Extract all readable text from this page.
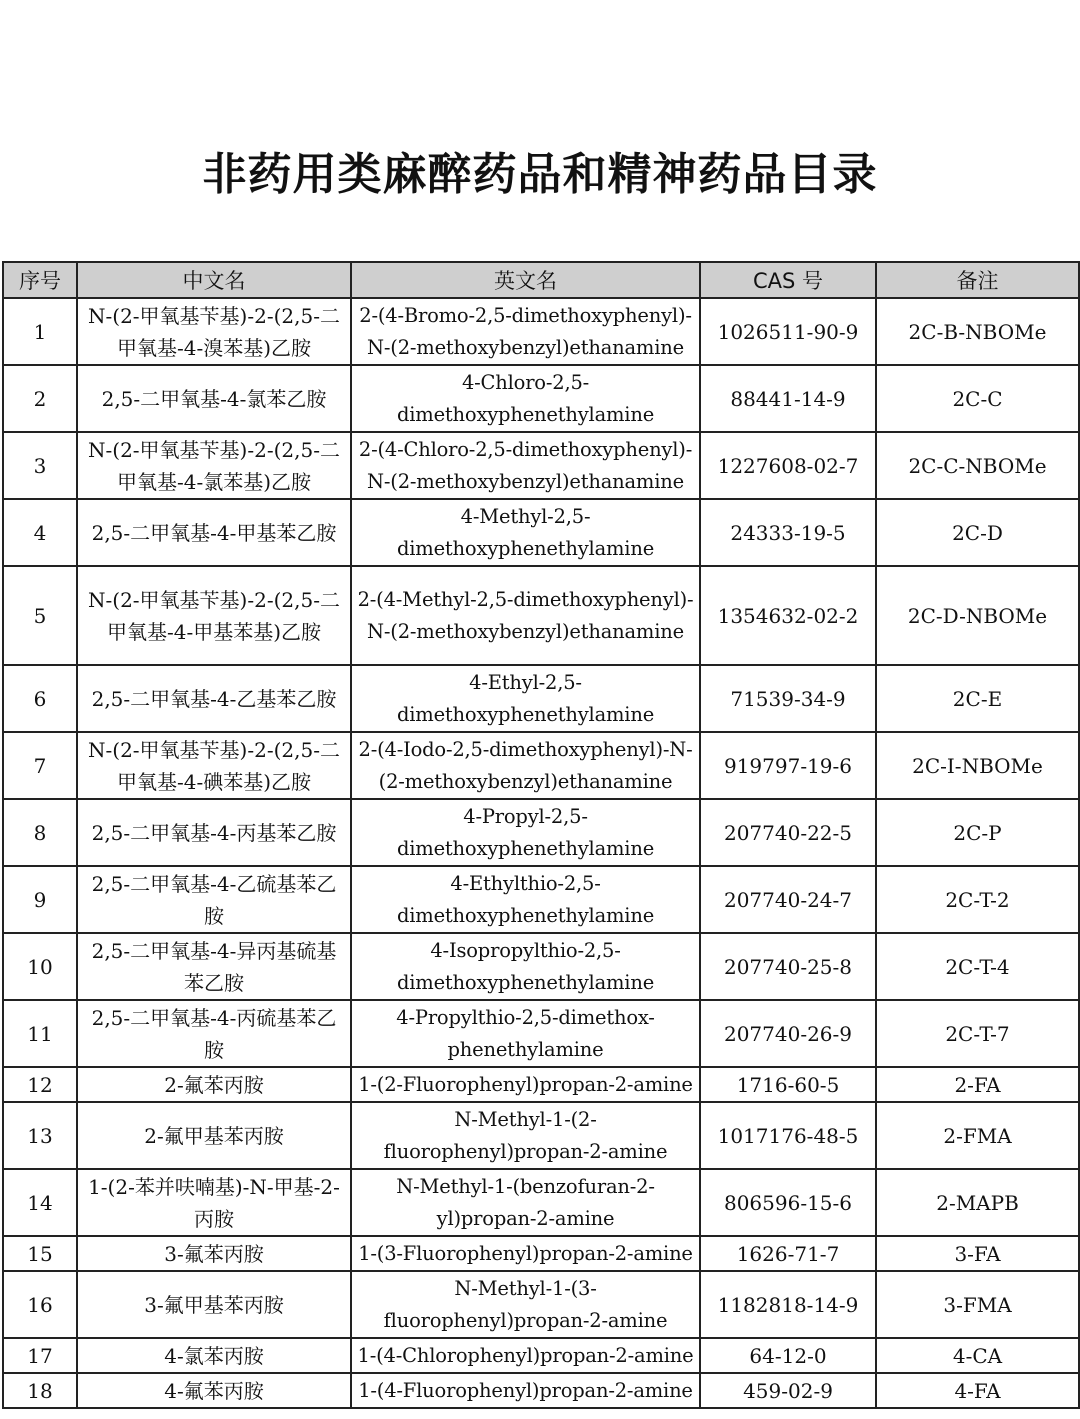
非药用类麻醉药品和精神药品目录
序号	中文名	英文名	CAS 号	备注
1	N-(2-甲氧基苄基)-2-(2,5-二甲氧基-4-溴苯基)乙胺	2-(4-Bromo-2,5-dimethoxyphenyl)-N-(2-methoxybenzyl)ethanamine	1026511-90-9	2C-B-NBOMe
2	2,5-二甲氧基-4-氯苯乙胺	4-Chloro-2,5-dimethoxyphenethylamine	88441-14-9	2C-C
3	N-(2-甲氧基苄基)-2-(2,5-二甲氧基-4-氯苯基)乙胺	2-(4-Chloro-2,5-dimethoxyphenyl)-N-(2-methoxybenzyl)ethanamine	1227608-02-7	2C-C-NBOMe
4	2,5-二甲氧基-4-甲基苯乙胺	4-Methyl-2,5-dimethoxyphenethylamine	24333-19-5	2C-D
5	N-(2-甲氧基苄基)-2-(2,5-二甲氧基-4-甲基苯基)乙胺	2-(4-Methyl-2,5-dimethoxyphenyl)-N-(2-methoxybenzyl)ethanamine	1354632-02-2	2C-D-NBOMe
6	2,5-二甲氧基-4-乙基苯乙胺	4-Ethyl-2,5-dimethoxyphenethylamine	71539-34-9	2C-E
7	N-(2-甲氧基苄基)-2-(2,5-二甲氧基-4-碘苯基)乙胺	2-(4-Iodo-2,5-dimethoxyphenyl)-N-(2-methoxybenzyl)ethanamine	919797-19-6	2C-I-NBOMe
8	2,5-二甲氧基-4-丙基苯乙胺	4-Propyl-2,5-dimethoxyphenethylamine	207740-22-5	2C-P
9	2,5-二甲氧基-4-乙硫基苯乙胺	4-Ethylthio-2,5-dimethoxyphenethylamine	207740-24-7	2C-T-2
10	2,5-二甲氧基-4-异丙基硫基苯乙胺	4-Isopropylthio-2,5-dimethoxyphenethylamine	207740-25-8	2C-T-4
11	2,5-二甲氧基-4-丙硫基苯乙胺	4-Propylthio-2,5-dimethox-phenethylamine	207740-26-9	2C-T-7
12	2-氟苯丙胺	1-(2-Fluorophenyl)propan-2-amine	1716-60-5	2-FA
13	2-氟甲基苯丙胺	N-Methyl-1-(2-fluorophenyl)propan-2-amine	1017176-48-5	2-FMA
14	1-(2-苯并呋喃基)-N-甲基-2-丙胺	N-Methyl-1-(benzofuran-2-yl)propan-2-amine	806596-15-6	2-MAPB
15	3-氟苯丙胺	1-(3-Fluorophenyl)propan-2-amine	1626-71-7	3-FA
16	3-氟甲基苯丙胺	N-Methyl-1-(3-fluorophenyl)propan-2-amine	1182818-14-9	3-FMA
17	4-氯苯丙胺	1-(4-Chlorophenyl)propan-2-amine	64-12-0	4-CA
18	4-氟苯丙胺	1-(4-Fluorophenyl)propan-2-amine	459-02-9	4-FA
